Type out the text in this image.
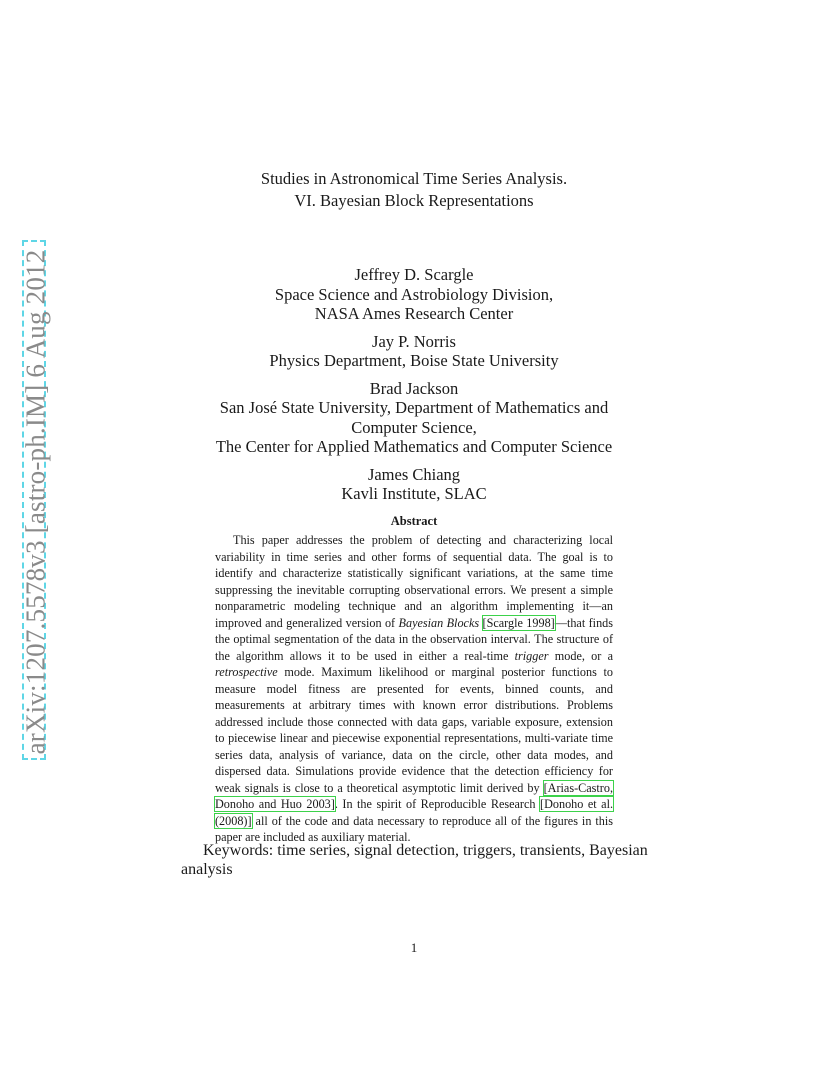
arXiv:1207.5578v3 [astro-ph.IM] 6 Aug 2012
Studies in Astronomical Time Series Analysis.
VI. Bayesian Block Representations
Jeffrey D. Scargle
Space Science and Astrobiology Division,
NASA Ames Research Center
Jay P. Norris
Physics Department, Boise State University
Brad Jackson
San José State University, Department of Mathematics and
Computer Science,
The Center for Applied Mathematics and Computer Science
James Chiang
Kavli Institute, SLAC
Abstract

This paper addresses the problem of detecting and characterizing local variability in time series and other forms of sequential data. The goal is to identify and characterize statistically significant variations, at the same time suppressing the inevitable corrupting observational errors. We present a simple nonparametric modeling technique and an algorithm implementing it—an improved and generalized version of Bayesian Blocks [Scargle 1998]—that finds the optimal segmentation of the data in the observation interval. The structure of the algorithm allows it to be used in either a real-time trigger mode, or a retrospective mode. Maximum likelihood or marginal posterior functions to measure model fitness are presented for events, binned counts, and measurements at arbitrary times with known error distributions. Problems addressed include those connected with data gaps, variable exposure, extension to piecewise linear and piecewise exponential representations, multi-variate time series data, analysis of variance, data on the circle, other data modes, and dispersed data. Simulations provide evidence that the detection efficiency for weak signals is close to a theoretical asymptotic limit derived by [Arias-Castro, Donoho and Huo 2003]. In the spirit of Reproducible Research [Donoho et al. (2008)] all of the code and data necessary to reproduce all of the figures in this paper are included as auxiliary material.

Keywords: time series, signal detection, triggers, transients, Bayesian analysis
1
